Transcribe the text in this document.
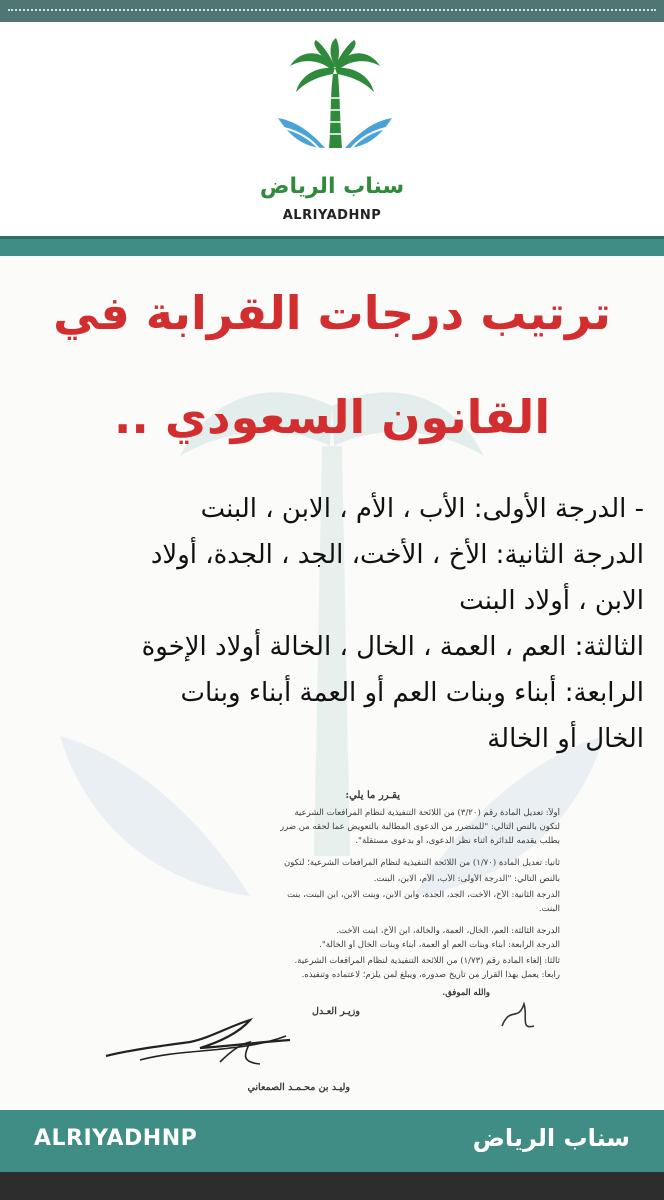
سناب الرياض
ALRIYADHNP
ترتيب درجات القرابة في
القانون السعودي ..
- الدرجة الأولى: الأب ، الأم ، الابن ، البنت
الدرجة الثانية: الأخ ، الأخت، الجد ، الجدة، أولاد
الابن ، أولاد البنت
الثالثة: العم ، العمة ، الخال ، الخالة أولاد الإخوة
الرابعة: أبناء وبنات العم أو العمة أبناء وبنات
الخال أو الخالة
يقـرر ما يلي:
أولاً: تعديل المادة رقم (٣/٢٠) من اللائحة التنفيذية لنظام المرافعات الشرعية
لتكون بالنص التالي: "للمتضرر من الدعوى المطالبة بالتعويض عما لحقه من ضرر
بطلب يقدمه للدائرة أثناء نظر الدعوى، أو بدعوى مستقلة".
ثانياً: تعديل المادة (١/٧٠) من اللائحة التنفيذية لنظام المرافعات الشرعية؛ لتكون
بالنص التالي: "الدرجة الأولى: الأب، الأم، الابن، البنت.
الدرجة الثانية: الأخ، الأخت، الجد، الجدة، وابن الابن، وبنت الابن، ابن البنت، بنت
البنت.
الدرجة الثالثة: العم، الخال، العمة، والخالة، ابن الأخ، ابنت الأخت.
الدرجة الرابعة: أبناء وبنات العم أو العمة، أبناء وبنات الخال أو الخالة".
ثالثاً: إلغاء المادة رقم (١/٧٣) من اللائحة التنفيذية لنظام المرافعات الشرعية.
رابعاً: يعمل بهذا القرار من تاريخ صدوره، ويبلغ لمن يلزم؛ لاعتماده وتنفيذه.
والله الموفق.
وزيـر العـدل
وليـد بن محـمـد الصمعاني
ALRIYADHNP	سناب الرياض
